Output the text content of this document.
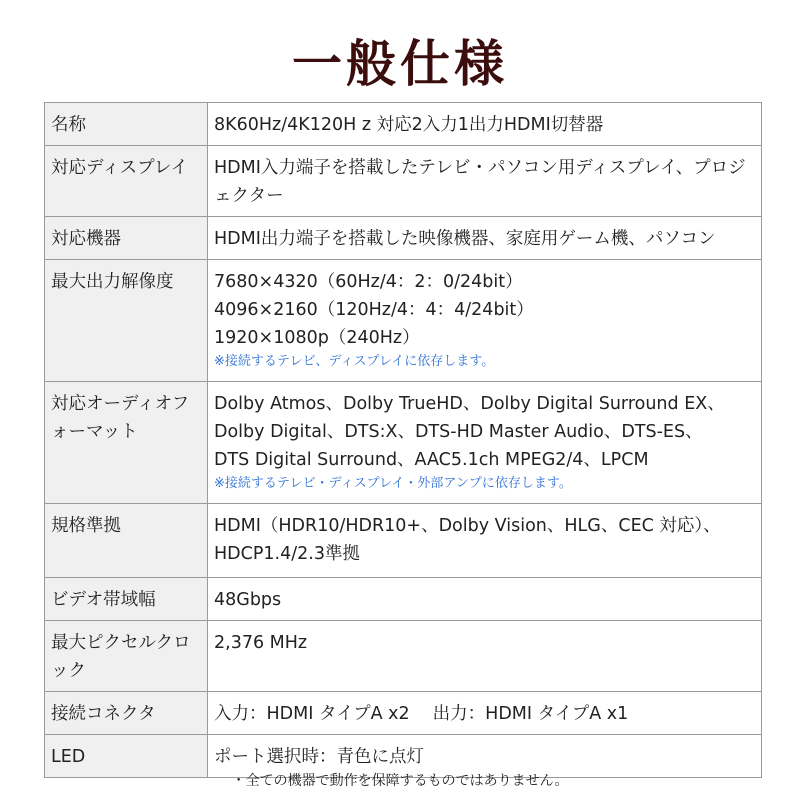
一般仕様
名称	8K60Hz/4K120H z 対応2入力1出力HDMI切替器

対応ディスプレイ	HDMI入力端子を搭載したテレビ・パソコン用ディスプレイ、プロジェクター

対応機器	HDMI出力端子を搭載した映像機器、家庭用ゲーム機、パソコン

最大出力解像度	7680×4320（60Hz/4：2：0/24bit）
4096×2160（120Hz/4：4：4/24bit）
1920×1080p（240Hz）
※接続するテレビ、ディスプレイに依存します。

対応オーディオフォーマット	Dolby Atmos、Dolby TrueHD、Dolby Digital Surround EX、
Dolby Digital、DTS:X、DTS-HD Master Audio、DTS-ES、
DTS Digital Surround、AAC5.1ch MPEG2/4、LPCM
※接続するテレビ・ディスプレイ・外部アンプに依存します。

規格準拠	HDMI（HDR10/HDR10+、Dolby Vision、HLG、CEC 対応）、
HDCP1.4/2.3準拠

ビデオ帯域幅	48Gbps

最大ピクセルクロック	2,376 MHz

接続コネクタ	入力：HDMI タイプA x2　 出力：HDMI タイプA x1

LED	ポート選択時：青色に点灯
・全ての機器で動作を保障するものではありません。
